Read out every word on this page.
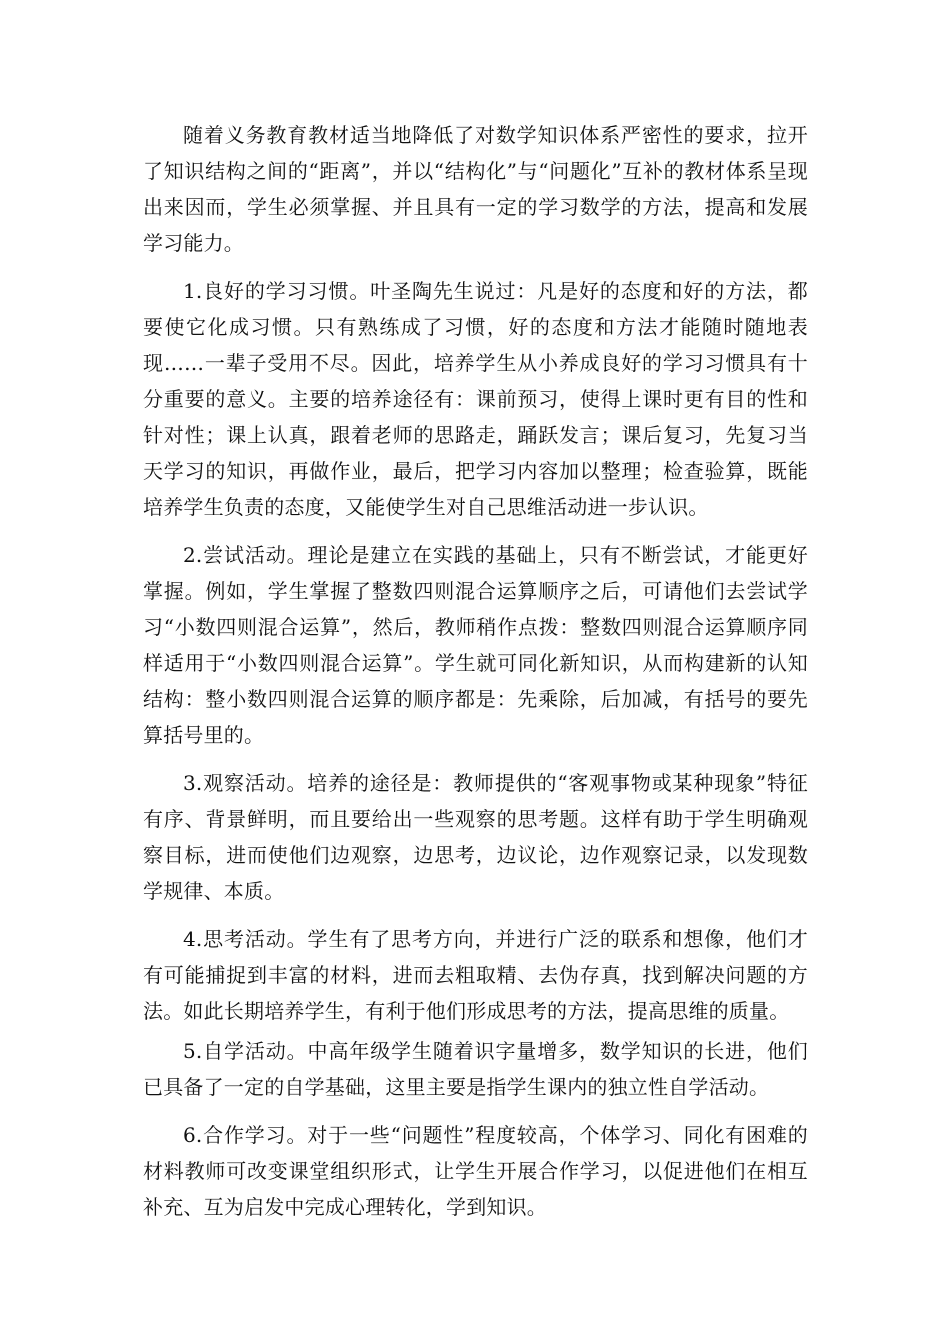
随着义务教育教材适当地降低了对数学知识体系严密性的要求，拉开了知识结构之间的“距离”，并以“结构化”与“问题化”互补的教材体系呈现出来因而，学生必须掌握、并且具有一定的学习数学的方法，提高和发展学习能力。

1.良好的学习习惯。叶圣陶先生说过：凡是好的态度和好的方法，都要使它化成习惯。只有熟练成了习惯，好的态度和方法才能随时随地表现……一辈子受用不尽。因此，培养学生从小养成良好的学习习惯具有十分重要的意义。主要的培养途径有：课前预习，使得上课时更有目的性和针对性；课上认真，跟着老师的思路走，踊跃发言；课后复习，先复习当天学习的知识，再做作业，最后，把学习内容加以整理；检查验算，既能培养学生负责的态度，又能使学生对自己思维活动进一步认识。

2.尝试活动。理论是建立在实践的基础上，只有不断尝试，才能更好掌握。例如，学生掌握了整数四则混合运算顺序之后，可请他们去尝试学习“小数四则混合运算”，然后，教师稍作点拨：整数四则混合运算顺序同样适用于“小数四则混合运算”。学生就可同化新知识，从而构建新的认知结构：整小数四则混合运算的顺序都是：先乘除，后加减，有括号的要先算括号里的。

3.观察活动。培养的途径是：教师提供的“客观事物或某种现象”特征有序、背景鲜明，而且要给出一些观察的思考题。这样有助于学生明确观察目标，进而使他们边观察，边思考，边议论，边作观察记录，以发现数学规律、本质。

4.思考活动。学生有了思考方向，并进行广泛的联系和想像，他们才有可能捕捉到丰富的材料，进而去粗取精、去伪存真，找到解决问题的方法。如此长期培养学生，有利于他们形成思考的方法，提高思维的质量。

5.自学活动。中高年级学生随着识字量增多，数学知识的长进，他们已具备了一定的自学基础，这里主要是指学生课内的独立性自学活动。

6.合作学习。对于一些“问题性”程度较高，个体学习、同化有困难的材料教师可改变课堂组织形式，让学生开展合作学习，以促进他们在相互补充、互为启发中完成心理转化，学到知识。
